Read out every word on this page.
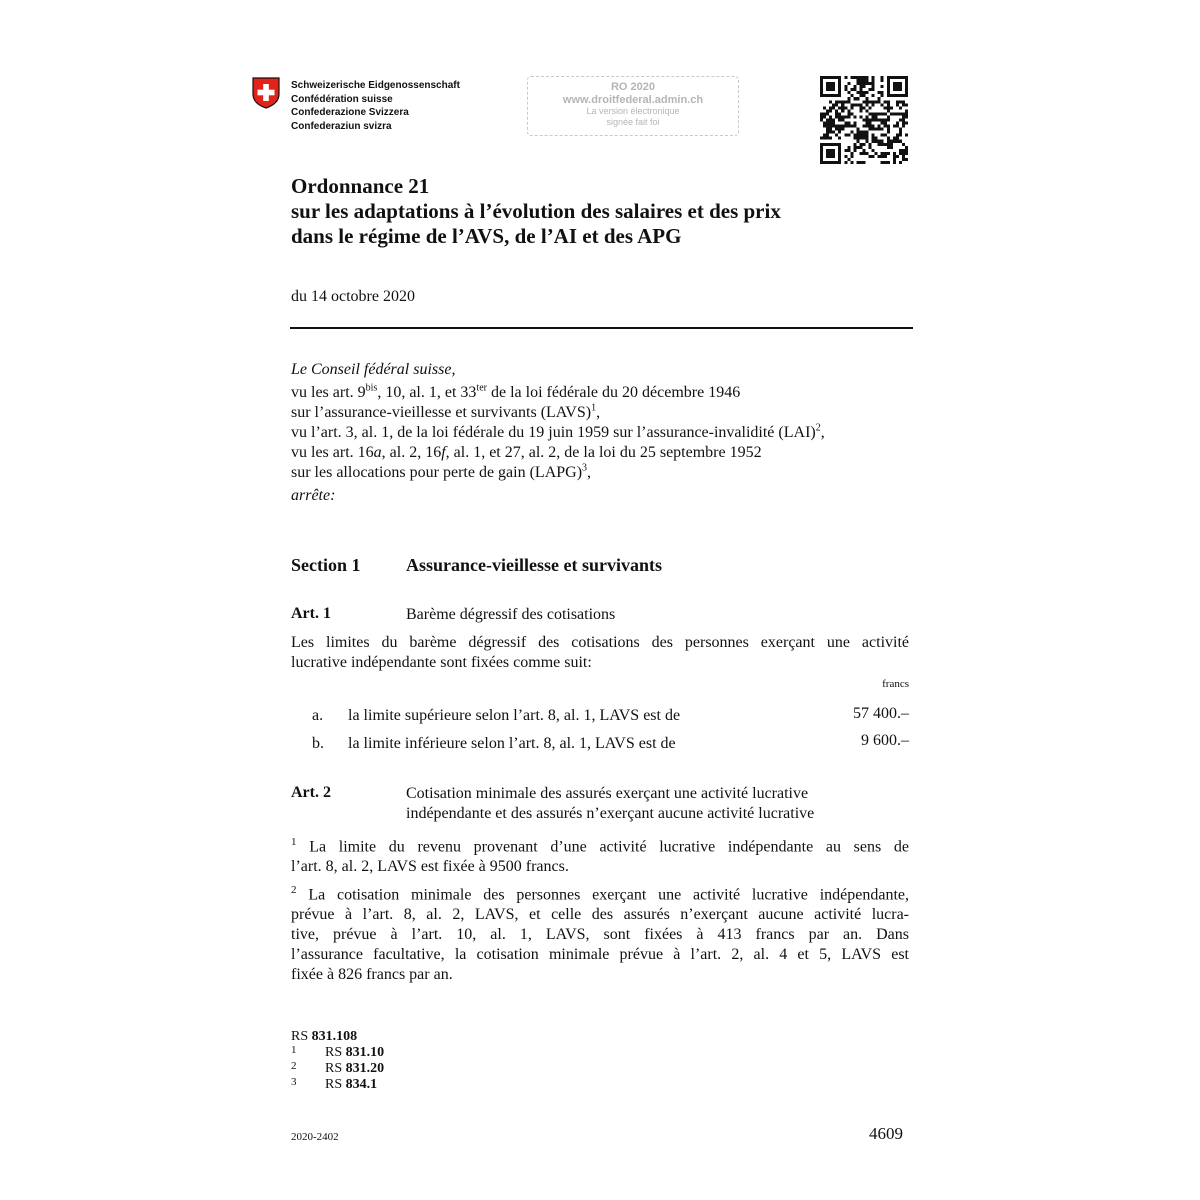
Schweizerische Eidgenossenschaft
Confédération suisse
Confederazione Svizzera
Confederaziun svizra
RO 2020
www.droitfederal.admin.ch
La version électronique
signée fait foi
Ordonnance 21
sur les adaptations à l’évolution des salaires et des prix
dans le régime de l’AVS, de l’AI et des APG
du 14 octobre 2020
Le Conseil fédéral suisse,
vu les art. $9^{bis}$, 10, al. 1, et $33^{ter}$ de la loi fédérale du 20 décembre 1946
sur l’assurance-vieillesse et survivants (LAVS)$^1$,
vu l’art. 3, al. 1, de la loi fédérale du 19 juin 1959 sur l’assurance-invalidité (LAI)$^2$,
vu les art. 16a, al. 2, 16f, al. 1, et 27, al. 2, de la loi du 25 septembre 1952
sur les allocations pour perte de gain (LAPG)$^3$,
arrête:
Section 1	Assurance-vieillesse et survivants
Art. 1	Barème dégressif des cotisations
Les limites du barème dégressif des cotisations des personnes exerçant une activité
lucrative indépendante sont fixées comme suit:
francs
a. la limite supérieure selon l’art. 8, al. 1, LAVS est de	57 400.–
b. la limite inférieure selon l’art. 8, al. 1, LAVS est de	9 600.–
Art. 2	Cotisation minimale des assurés exerçant une activité lucrative
indépendante et des assurés n’exerçant aucune activité lucrative
$^1$ La limite du revenu provenant d’une activité lucrative indépendante au sens de
l’art. 8, al. 2, LAVS est fixée à 9500 francs.
$^2$ La cotisation minimale des personnes exerçant une activité lucrative indépendante,
prévue à l’art. 8, al. 2, LAVS, et celle des assurés n’exerçant aucune activité lucra-
tive, prévue à l’art. 10, al. 1, LAVS, sont fixées à 413 francs par an. Dans
l’assurance facultative, la cotisation minimale prévue à l’art. 2, al. 4 et 5, LAVS est
fixée à 826 francs par an.
RS 831.108
1 RS 831.10
2 RS 831.20
3 RS 834.1
2020-2402	4609
